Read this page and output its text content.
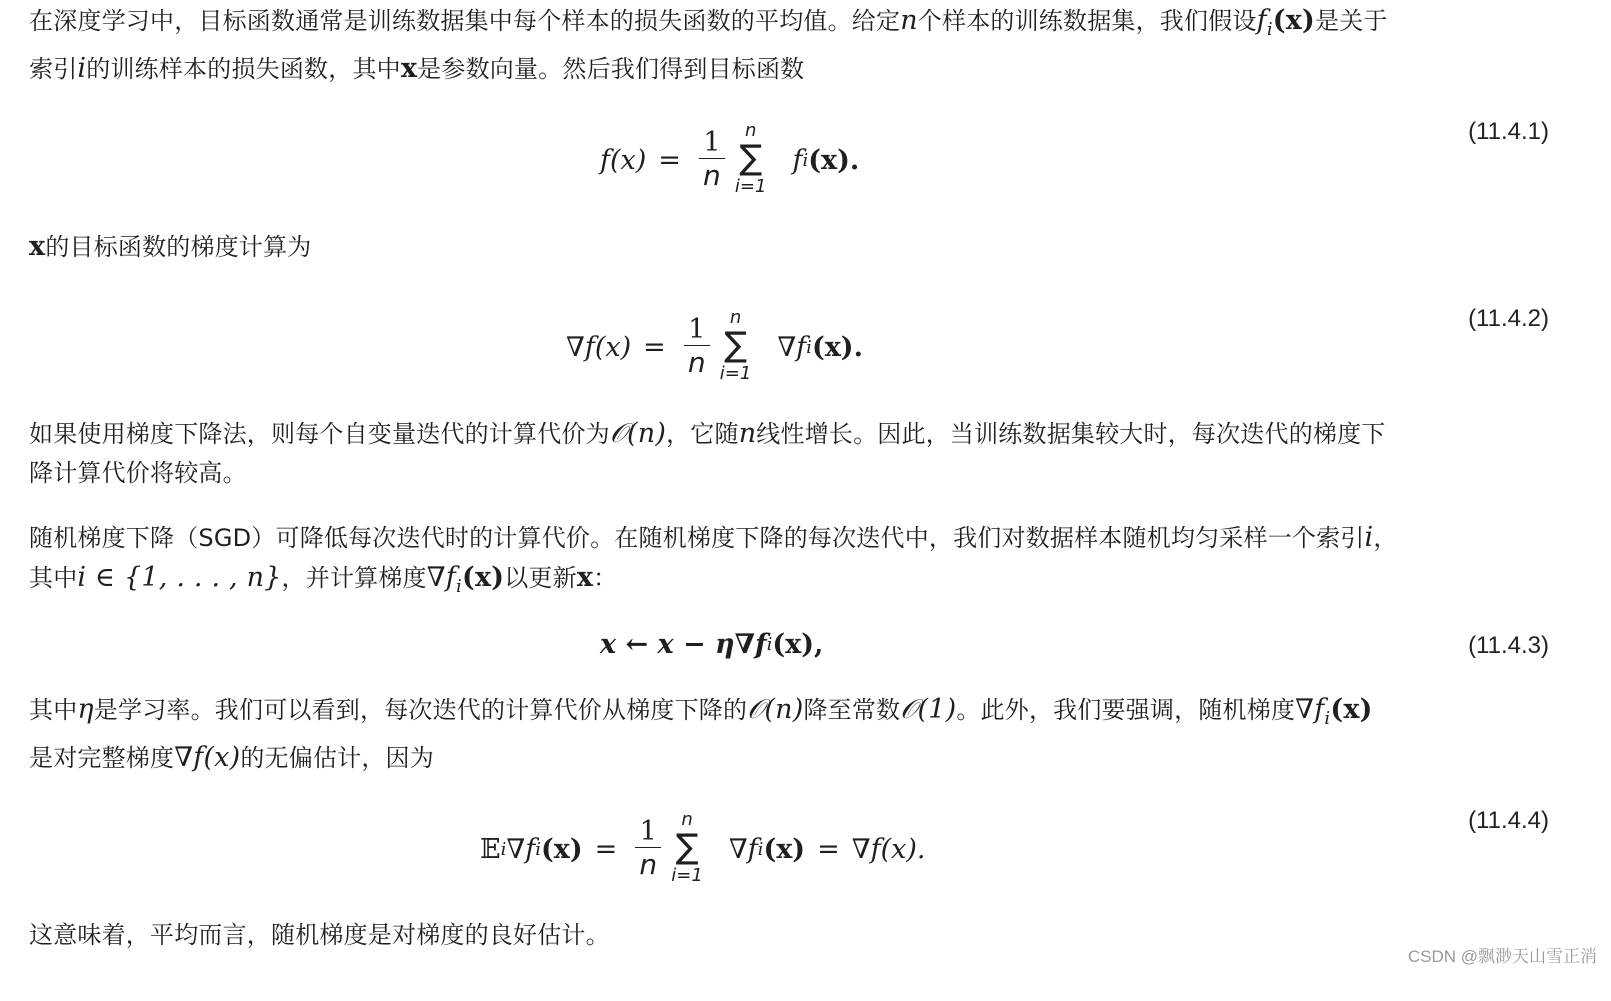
在深度学习中，目标函数通常是训练数据集中每个样本的损失函数的平均值。给定n个样本的训练数据集，我们假设$f_i(x)$是关于
索引i的训练样本的损失函数，其中x是参数向量。然后我们得到目标函数

$f(x) = \frac{1}{n}$ n
∑
i=1
f i (x).
(11.4.1)

x的目标函数的梯度计算为

$\nabla f(x) = \frac{1}{n}$ n
∑
i=1
∇f i (x).
(11.4.2)

如果使用梯度下降法，则每个自变量迭代的计算代价为𝒪(n)，它随n线性增长。因此，当训练数据集较大时，每次迭代的梯度下
降计算代价将较高。

随机梯度下降（SGD）可降低每次迭代时的计算代价。在随机梯度下降的每次迭代中，我们对数据样本随机均匀采样一个索引i，
其中i ∈ {1, . . . , n}，并计算梯度$\nabla f_i(x)$以更新x：

x ← x − η∇f i (x),	(11.4.3)

其中η是学习率。我们可以看到，每次迭代的计算代价从梯度下降的𝒪(n)降至常数𝒪(1)。此外，我们要强调，随机梯度$\nabla f_i(x)$
是对完整梯度∇f(x)的无偏估计，因为

𝔼 i ∇f i $(x) = \frac{1}{n}$ n
∑
i=1
∇f i (x) = ∇f(x).
(11.4.4)

这意味着，平均而言，随机梯度是对梯度的良好估计。

CSDN @飘渺天山雪正消
